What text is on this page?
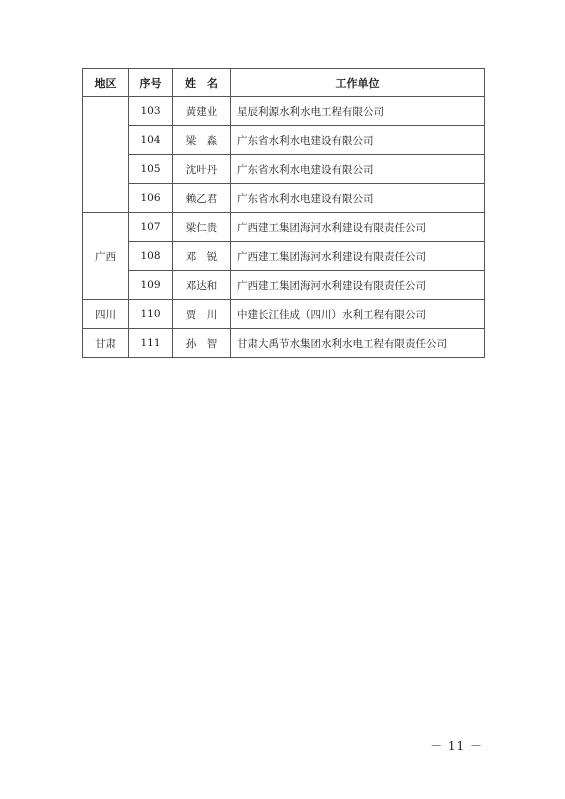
地区	序号	姓　名	工作单位
	103	黄建业	星辰利源水利水电工程有限公司
	104	梁　淼	广东省水利水电建设有限公司
	105	沈叶丹	广东省水利水电建设有限公司
	106	赖乙君	广东省水利水电建设有限公司
广西	107	梁仁贵	广西建工集团海河水利建设有限责任公司
	108	邓　锐	广西建工集团海河水利建设有限责任公司
	109	邓达和	广西建工集团海河水利建设有限责任公司
四川	110	贾　川	中建长江佳成（四川）水利工程有限公司
甘肃	111	孙　智	甘肃大禹节水集团水利水电工程有限责任公司
－ 11 －
